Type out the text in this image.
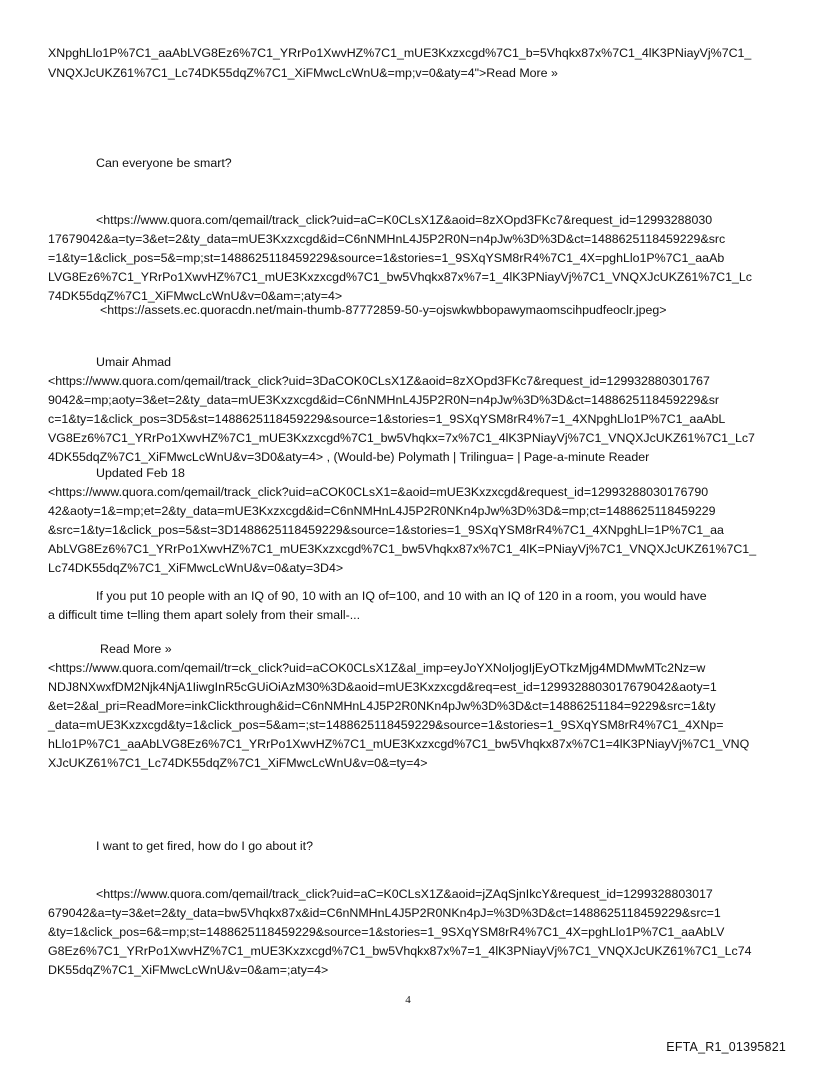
XNpghLlo1P%7C1_aaAbLVG8Ez6%7C1_YRrPo1XwvHZ%7C1_mUE3Kxzxcgd%7C1_b=5Vhqkx87x%7C1_4lK3PNiayVj%7C1_
VNQXJcUKZ61%7C1_Lc74DK55dqZ%7C1_XiFMwcLcWnU&=mp;v=0&aty=4">Read More »
Can everyone be smart?
<https://www.quora.com/qemail/track_click?uid=aC=K0CLsX1Z&aoid=8zXOpd3FKc7&request_id=12993288030
17679042&a=ty=3&et=2&ty_data=mUE3Kxzxcgd&id=C6nNMHnL4J5P2R0N=n4pJw%3D%3D&ct=1488625118459229&src
=1&ty=1&click_pos=5&=mp;st=1488625118459229&source=1&stories=1_9SXqYSM8rR4%7C1_4X=pghLlo1P%7C1_aaAb
LVG8Ez6%7C1_YRrPo1XwvHZ%7C1_mUE3Kxzxcgd%7C1_bw5Vhqkx87x%7=1_4lK3PNiayVj%7C1_VNQXJcUKZ61%7C1_Lc
74DK55dqZ%7C1_XiFMwcLcWnU&v=0&am=;aty=4>
<https://assets.ec.quoracdn.net/main-thumb-87772859-50-y=ojswkwbbopawymaomscihpudfeoclr.jpeg>
Umair Ahmad
<https://www.quora.com/qemail/track_click?uid=3DaCOK0CLsX1Z&aoid=8zXOpd3FKc7&request_id=129932880301767
9042&=mp;aoty=3&et=2&ty_data=mUE3Kxzxcgd&id=C6nNMHnL4J5P2R0N=n4pJw%3D%3D&ct=1488625118459229&sr
c=1&ty=1&click_pos=3D5&st=1488625118459229&source=1&stories=1_9SXqYSM8rR4%7=1_4XNpghLlo1P%7C1_aaAbL
VG8Ez6%7C1_YRrPo1XwvHZ%7C1_mUE3Kxzxcgd%7C1_bw5Vhqkx=7x%7C1_4lK3PNiayVj%7C1_VNQXJcUKZ61%7C1_Lc7
4DK55dqZ%7C1_XiFMwcLcWnU&v=3D0&aty=4> , (Would-be) Polymath | Trilingua= | Page-a-minute Reader
Updated Feb 18
<https://www.quora.com/qemail/track_click?uid=aCOK0CLsX1=&aoid=mUE3Kxzxcgd&request_id=12993288030176790
42&aoty=1&=mp;et=2&ty_data=mUE3Kxzxcgd&id=C6nNMHnL4J5P2R0NKn4pJw%3D%3D&=mp;ct=1488625118459229
&src=1&ty=1&click_pos=5&st=3D1488625118459229&source=1&stories=1_9SXqYSM8rR4%7C1_4XNpghLl=1P%7C1_aa
AbLVG8Ez6%7C1_YRrPo1XwvHZ%7C1_mUE3Kxzxcgd%7C1_bw5Vhqkx87x%7C1_4lK=PNiayVj%7C1_VNQXJcUKZ61%7C1_
Lc74DK55dqZ%7C1_XiFMwcLcWnU&v=0&aty=3D4>
If you put 10 people with an IQ of 90, 10 with an IQ of=100, and 10 with an IQ of 120 in a room, you would have
a difficult time t=lling them apart solely from their small-...
Read More »
<https://www.quora.com/qemail/tr=ck_click?uid=aCOK0CLsX1Z&al_imp=eyJoYXNoIjogIjEyOTkzMjg4MDMwMTc2Nz=w
NDJ8NXwxfDM2Njk4NjA1IiwgInR5cGUiOiAzM30%3D&aoid=mUE3Kxzxcgd&req=est_id=1299328803017679042&aoty=1
&et=2&al_pri=ReadMore=inkClickthrough&id=C6nNMHnL4J5P2R0NKn4pJw%3D%3D&ct=14886251184=9229&src=1&ty
_data=mUE3Kxzxcgd&ty=1&click_pos=5&am=;st=1488625118459229&source=1&stories=1_9SXqYSM8rR4%7C1_4XNp=
hLlo1P%7C1_aaAbLVG8Ez6%7C1_YRrPo1XwvHZ%7C1_mUE3Kxzxcgd%7C1_bw5Vhqkx87x%7C1=4lK3PNiayVj%7C1_VNQ
XJcUKZ61%7C1_Lc74DK55dqZ%7C1_XiFMwcLcWnU&v=0&=ty=4>
I want to get fired, how do I go about it?
<https://www.quora.com/qemail/track_click?uid=aC=K0CLsX1Z&aoid=jZAqSjnIkcY&request_id=1299328803017
679042&a=ty=3&et=2&ty_data=bw5Vhqkx87x&id=C6nNMHnL4J5P2R0NKn4pJ=%3D%3D&ct=1488625118459229&src=1
&ty=1&click_pos=6&=mp;st=1488625118459229&source=1&stories=1_9SXqYSM8rR4%7C1_4X=pghLlo1P%7C1_aaAbLV
G8Ez6%7C1_YRrPo1XwvHZ%7C1_mUE3Kxzxcgd%7C1_bw5Vhqkx87x%7=1_4lK3PNiayVj%7C1_VNQXJcUKZ61%7C1_Lc74
DK55dqZ%7C1_XiFMwcLcWnU&v=0&am=;aty=4>
4
EFTA_R1_01395821
